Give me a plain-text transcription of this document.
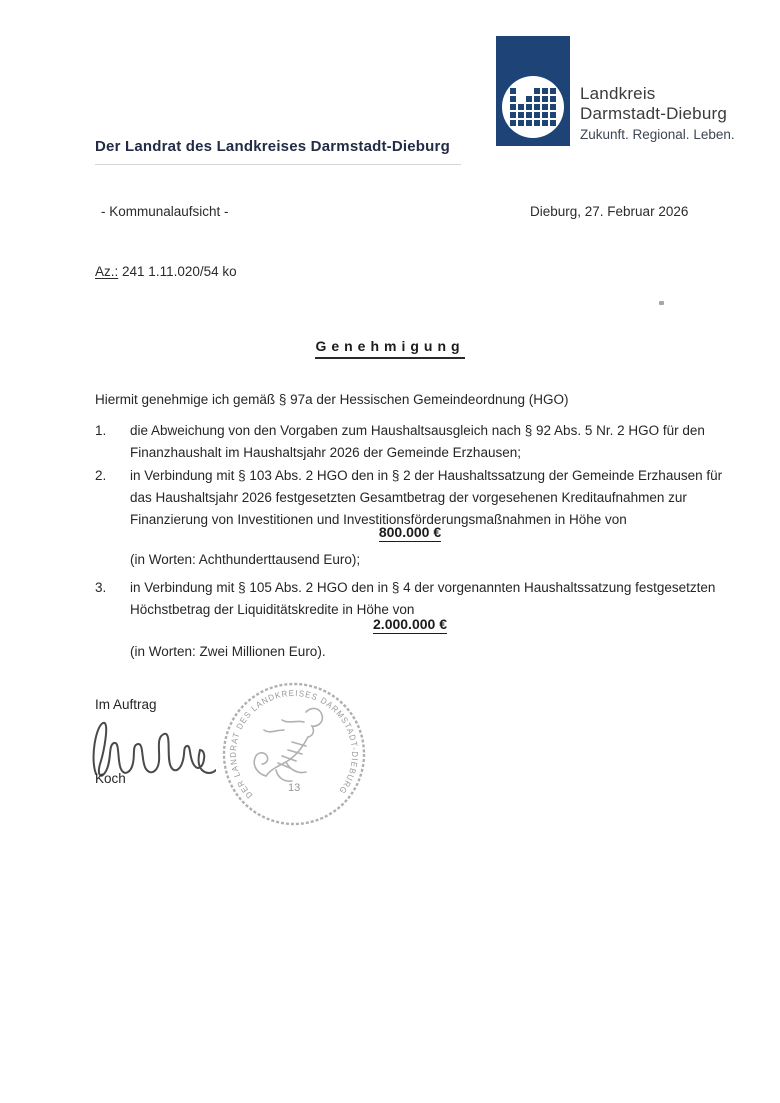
Der Landrat des Landkreises Darmstadt-Dieburg
Landkreis
Darmstadt-Dieburg
Zukunft. Regional. Leben.
- Kommunalaufsicht -	Dieburg, 27. Februar 2026
Az.: 241 1.11.020/54 ko
Genehmigung
Hiermit genehmige ich gemäß § 97a der Hessischen Gemeindeordnung (HGO)
1.	die Abweichung von den Vorgaben zum Haushaltsausgleich nach § 92 Abs. 5 Nr. 2 HGO für den Finanzhaushalt im Haushaltsjahr 2026 der Gemeinde Erzhausen;
2.	in Verbindung mit § 103 Abs. 2 HGO den in § 2 der Haushaltssatzung der Gemeinde Erzhausen für das Haushaltsjahr 2026 festgesetzten Gesamtbetrag der vorgesehenen Kreditaufnahmen zur Finanzierung von Investitionen und Investitionsförderungsmaßnahmen in Höhe von
800.000 €
(in Worten: Achthunderttausend Euro);
3.	in Verbindung mit § 105 Abs. 2 HGO den in § 4 der vorgenannten Haushaltssatzung festgesetzten Höchstbetrag der Liquiditätskredite in Höhe von
2.000.000 €
(in Worten: Zwei Millionen Euro).
Im Auftrag
Koch
DER LANDRAT DES LANDKREISES DARMSTADT-DIEBURG
13
